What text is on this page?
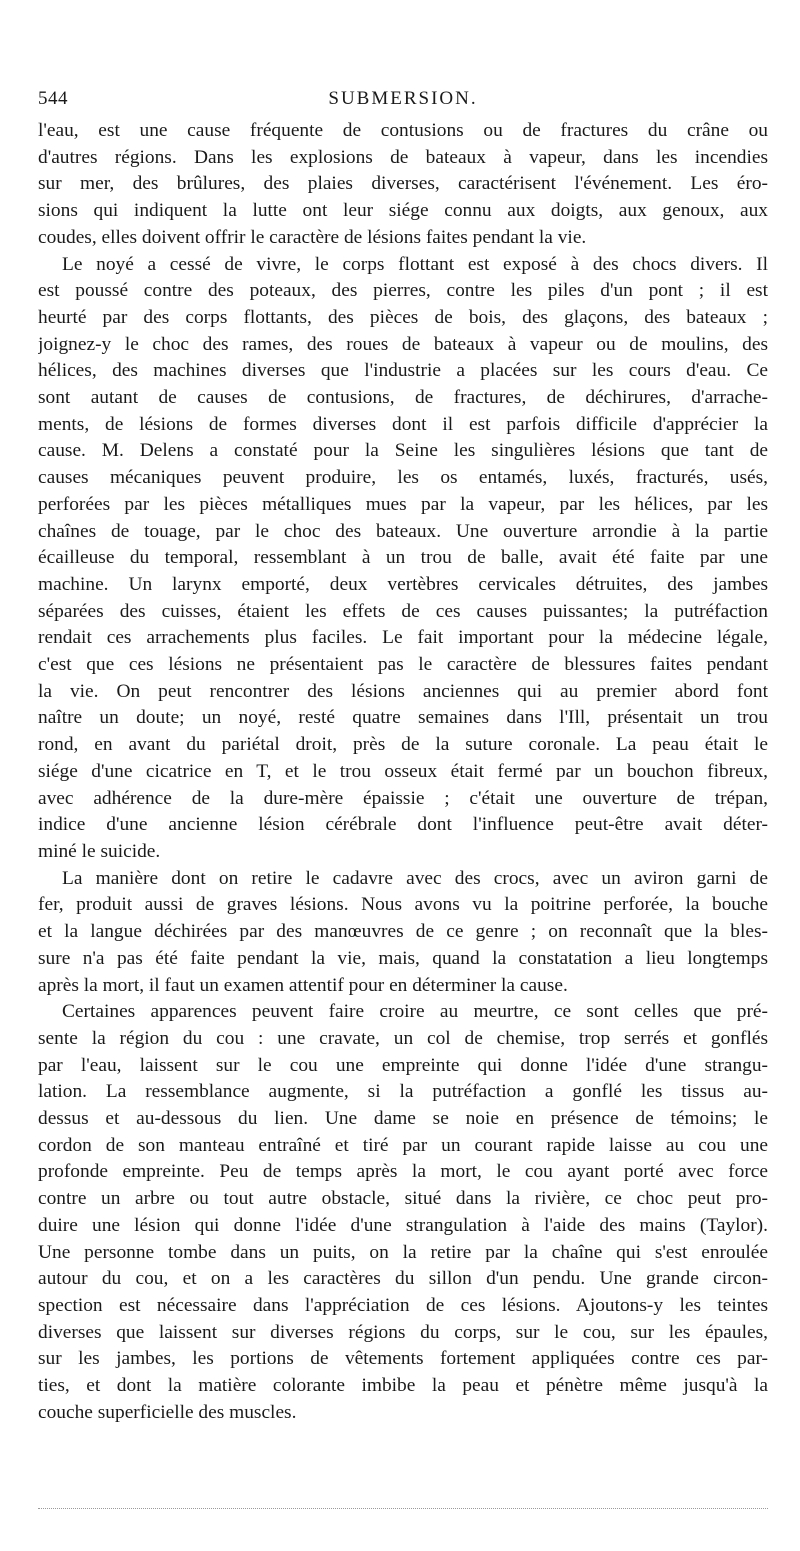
544	SUBMERSION.
l'eau, est une cause fréquente de contusions ou de fractures du crâne ou
d'autres régions. Dans les explosions de bateaux à vapeur, dans les incendies
sur mer, des brûlures, des plaies diverses, caractérisent l'événement. Les éro-
sions qui indiquent la lutte ont leur siége connu aux doigts, aux genoux, aux
coudes, elles doivent offrir le caractère de lésions faites pendant la vie.
Le noyé a cessé de vivre, le corps flottant est exposé à des chocs divers. Il
est poussé contre des poteaux, des pierres, contre les piles d'un pont ; il est
heurté par des corps flottants, des pièces de bois, des glaçons, des bateaux ;
joignez-y le choc des rames, des roues de bateaux à vapeur ou de moulins, des
hélices, des machines diverses que l'industrie a placées sur les cours d'eau. Ce
sont autant de causes de contusions, de fractures, de déchirures, d'arrache-
ments, de lésions de formes diverses dont il est parfois difficile d'apprécier la
cause. M. Delens a constaté pour la Seine les singulières lésions que tant de
causes mécaniques peuvent produire, les os entamés, luxés, fracturés, usés,
perforées par les pièces métalliques mues par la vapeur, par les hélices, par les
chaînes de touage, par le choc des bateaux. Une ouverture arrondie à la partie
écailleuse du temporal, ressemblant à un trou de balle, avait été faite par une
machine. Un larynx emporté, deux vertèbres cervicales détruites, des jambes
séparées des cuisses, étaient les effets de ces causes puissantes; la putréfaction
rendait ces arrachements plus faciles. Le fait important pour la médecine légale,
c'est que ces lésions ne présentaient pas le caractère de blessures faites pendant
la vie. On peut rencontrer des lésions anciennes qui au premier abord font
naître un doute; un noyé, resté quatre semaines dans l'Ill, présentait un trou
rond, en avant du pariétal droit, près de la suture coronale. La peau était le
siége d'une cicatrice en T, et le trou osseux était fermé par un bouchon fibreux,
avec adhérence de la dure-mère épaissie ; c'était une ouverture de trépan,
indice d'une ancienne lésion cérébrale dont l'influence peut-être avait déter-
miné le suicide.
La manière dont on retire le cadavre avec des crocs, avec un aviron garni de
fer, produit aussi de graves lésions. Nous avons vu la poitrine perforée, la bouche
et la langue déchirées par des manœuvres de ce genre ; on reconnaît que la bles-
sure n'a pas été faite pendant la vie, mais, quand la constatation a lieu longtemps
après la mort, il faut un examen attentif pour en déterminer la cause.
Certaines apparences peuvent faire croire au meurtre, ce sont celles que pré-
sente la région du cou : une cravate, un col de chemise, trop serrés et gonflés
par l'eau, laissent sur le cou une empreinte qui donne l'idée d'une strangu-
lation. La ressemblance augmente, si la putréfaction a gonflé les tissus au-
dessus et au-dessous du lien. Une dame se noie en présence de témoins; le
cordon de son manteau entraîné et tiré par un courant rapide laisse au cou une
profonde empreinte. Peu de temps après la mort, le cou ayant porté avec force
contre un arbre ou tout autre obstacle, situé dans la rivière, ce choc peut pro-
duire une lésion qui donne l'idée d'une strangulation à l'aide des mains (Taylor).
Une personne tombe dans un puits, on la retire par la chaîne qui s'est enroulée
autour du cou, et on a les caractères du sillon d'un pendu. Une grande circon-
spection est nécessaire dans l'appréciation de ces lésions. Ajoutons-y les teintes
diverses que laissent sur diverses régions du corps, sur le cou, sur les épaules,
sur les jambes, les portions de vêtements fortement appliquées contre ces par-
ties, et dont la matière colorante imbibe la peau et pénètre même jusqu'à la
couche superficielle des muscles.
